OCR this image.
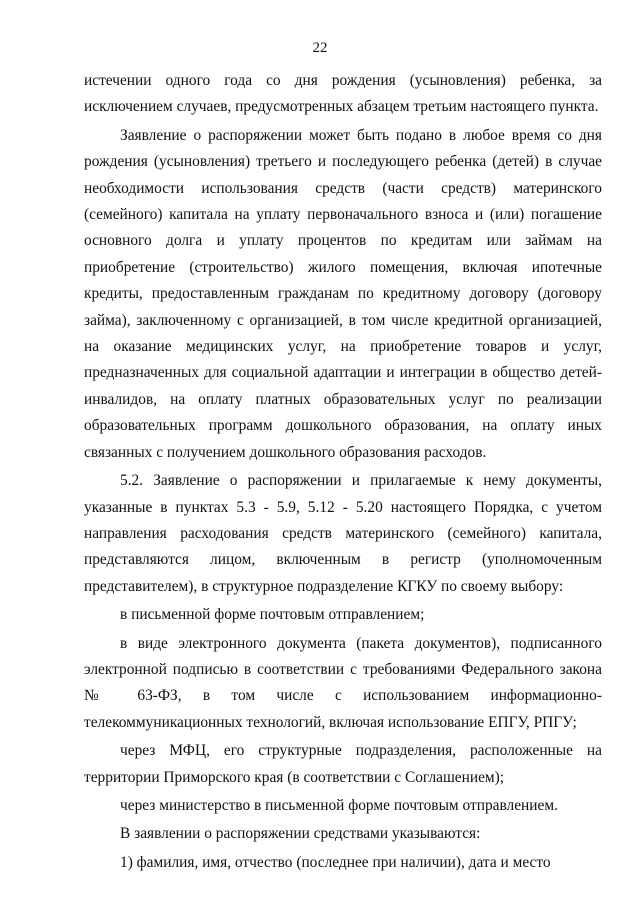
22

истечении одного года со дня рождения (усыновления) ребенка, за исключением случаев, предусмотренных абзацем третьим настоящего пункта.

Заявление о распоряжении может быть подано в любое время со дня рождения (усыновления) третьего и последующего ребенка (детей) в случае необходимости использования средств (части средств) материнского (семейного) капитала на уплату первоначального взноса и (или) погашение основного долга и уплату процентов по кредитам или займам на приобретение (строительство) жилого помещения, включая ипотечные кредиты, предоставленным гражданам по кредитному договору (договору займа), заключенному с организацией, в том числе кредитной организацией, на оказание медицинских услуг, на приобретение товаров и услуг, предназначенных для социальной адаптации и интеграции в общество детей-инвалидов, на оплату платных образовательных услуг по реализации образовательных программ дошкольного образования, на оплату иных связанных с получением дошкольного образования расходов.

5.2. Заявление о распоряжении и прилагаемые к нему документы, указанные в пунктах 5.3 - 5.9, 5.12 - 5.20 настоящего Порядка, с учетом направления расходования средств материнского (семейного) капитала, представляются лицом, включенным в регистр (уполномоченным представителем), в структурное подразделение КГКУ по своему выбору:

в письменной форме почтовым отправлением;

в виде электронного документа (пакета документов), подписанного электронной подписью в соответствии с требованиями Федерального закона № 63-ФЗ, в том числе с использованием информационно-телекоммуникационных технологий, включая использование ЕПГУ, РПГУ;

через МФЦ, его структурные подразделения, расположенные на территории Приморского края (в соответствии с Соглашением);

через министерство в письменной форме почтовым отправлением.

В заявлении о распоряжении средствами указываются:

1) фамилия, имя, отчество (последнее при наличии), дата и место
